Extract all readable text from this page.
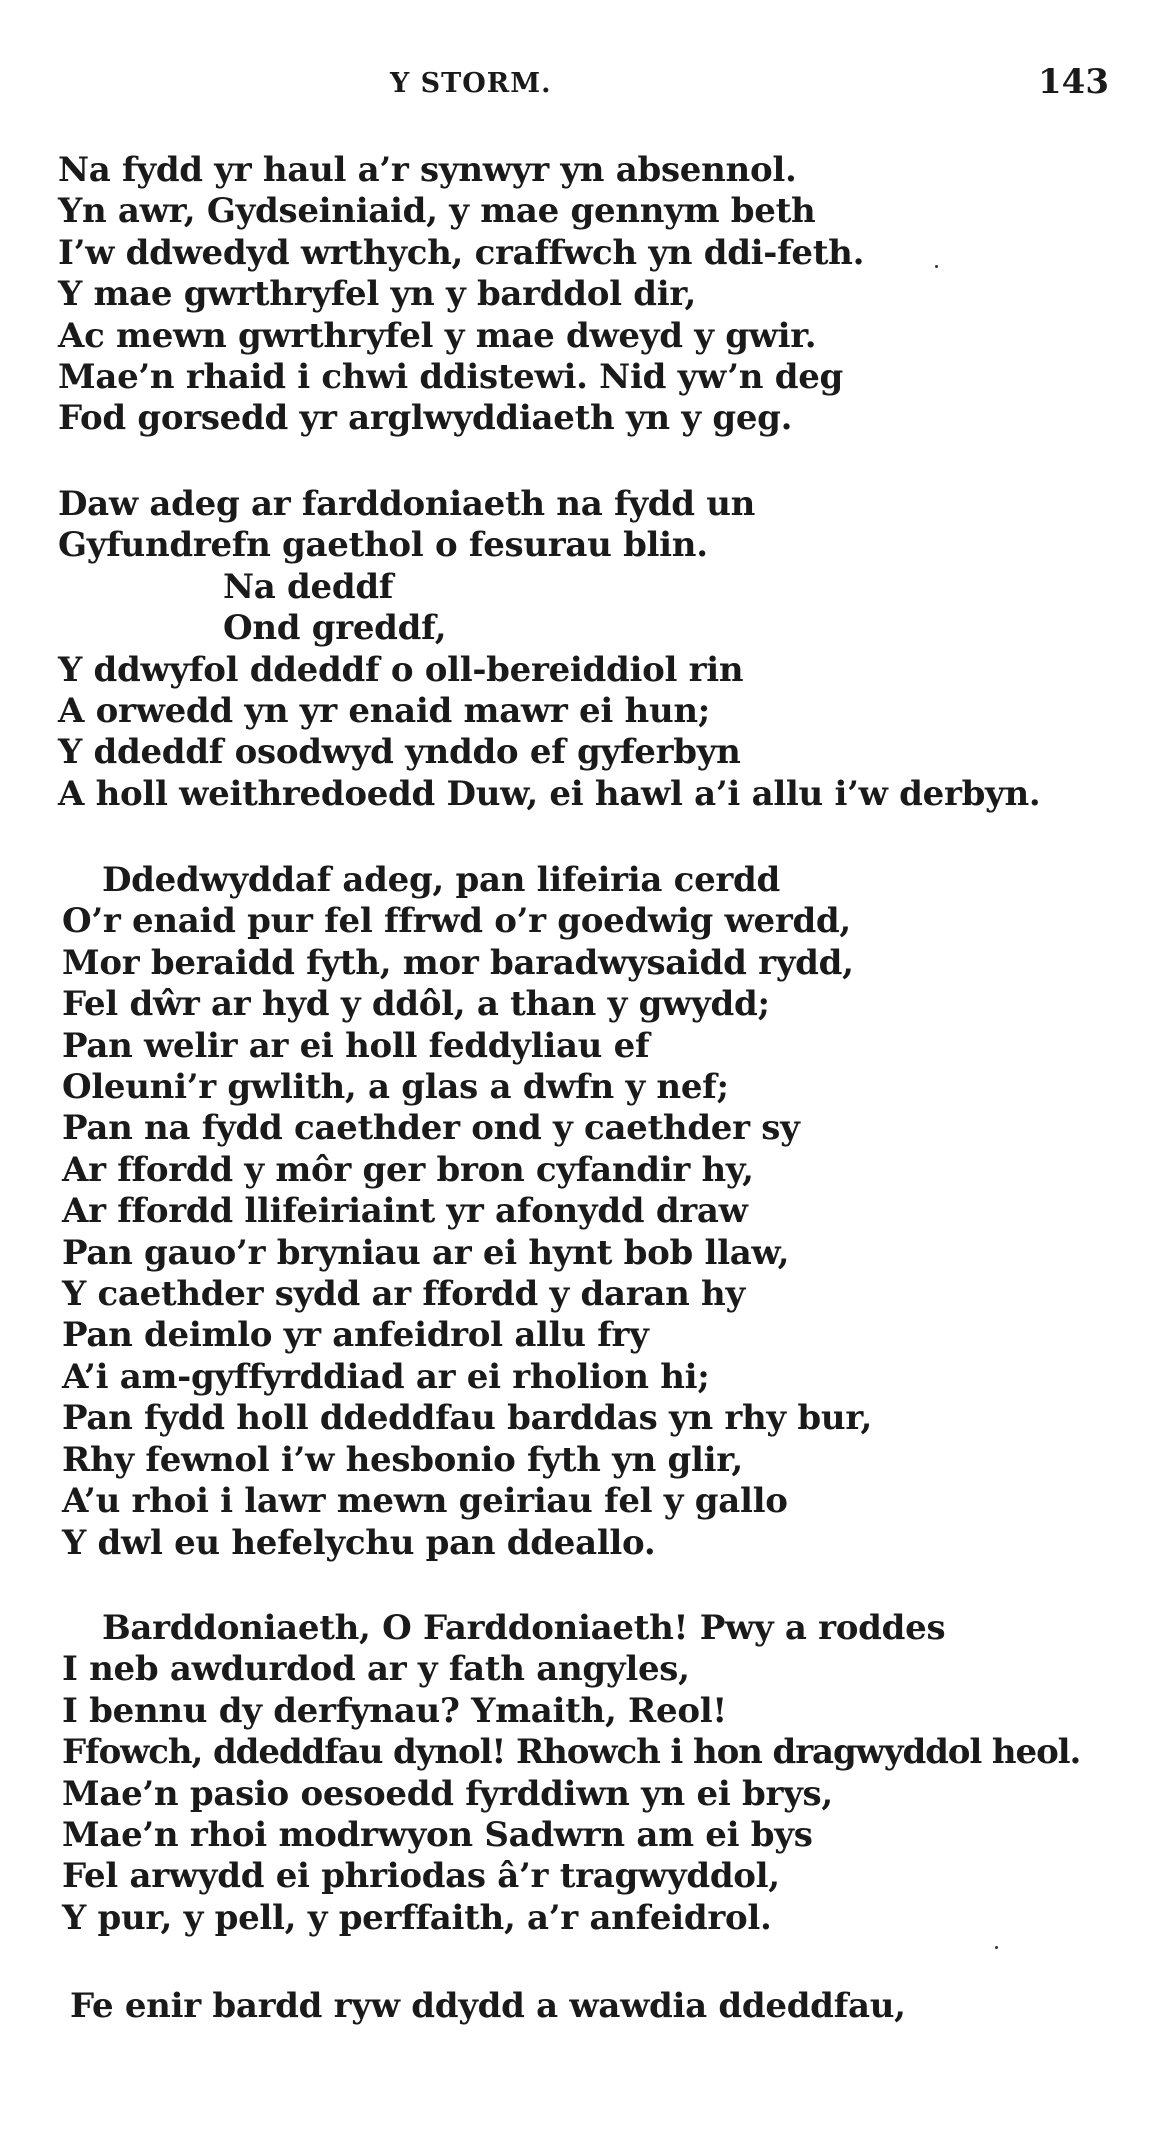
Y STORM.	143
Na fydd yr haul a’r synwyr yn absennol.
Yn awr, Gydseiniaid, y mae gennym beth
I’w ddwedyd wrthych, craffwch yn ddi-feth.
Y mae gwrthryfel yn y barddol dir,
Ac mewn gwrthryfel y mae dweyd y gwir.
Mae’n rhaid i chwi ddistewi. Nid yw’n deg
Fod gorsedd yr arglwyddiaeth yn y geg.
Daw adeg ar farddoniaeth na fydd un
Gyfundrefn gaethol o fesurau blin.
Na deddf
Ond greddf,
Y ddwyfol ddeddf o oll-bereiddiol rin
A orwedd yn yr enaid mawr ei hun;
Y ddeddf osodwyd ynddo ef gyferbyn
A holl weithredoedd Duw, ei hawl a’i allu i’w derbyn.
Ddedwyddaf adeg, pan lifeiria cerdd
O’r enaid pur fel ffrwd o’r goedwig werdd,
Mor beraidd fyth, mor baradwysaidd rydd,
Fel dŵr ar hyd y ddôl, a than y gwydd;
Pan welir ar ei holl feddyliau ef
Oleuni’r gwlith, a glas a dwfn y nef;
Pan na fydd caethder ond y caethder sy
Ar ffordd y môr ger bron cyfandir hy,
Ar ffordd llifeiriaint yr afonydd draw
Pan gauo’r bryniau ar ei hynt bob llaw,
Y caethder sydd ar ffordd y daran hy
Pan deimlo yr anfeidrol allu fry
A’i am-gyffyrddiad ar ei rholion hi;
Pan fydd holl ddeddfau barddas yn rhy bur,
Rhy fewnol i’w hesbonio fyth yn glir,
A’u rhoi i lawr mewn geiriau fel y gallo
Y dwl eu hefelychu pan ddeallo.
Barddoniaeth, O Farddoniaeth! Pwy a roddes
I neb awdurdod ar y fath angyles,
I bennu dy derfynau? Ymaith, Reol!
Ffowch, ddeddfau dynol! Rhowch i hon dragwyddol heol.
Mae’n pasio oesoedd fyrddiwn yn ei brys,
Mae’n rhoi modrwyon Sadwrn am ei bys
Fel arwydd ei phriodas â’r tragwyddol,
Y pur, y pell, y perffaith, a’r anfeidrol.
Fe enir bardd ryw ddydd a wawdia ddeddfau,
